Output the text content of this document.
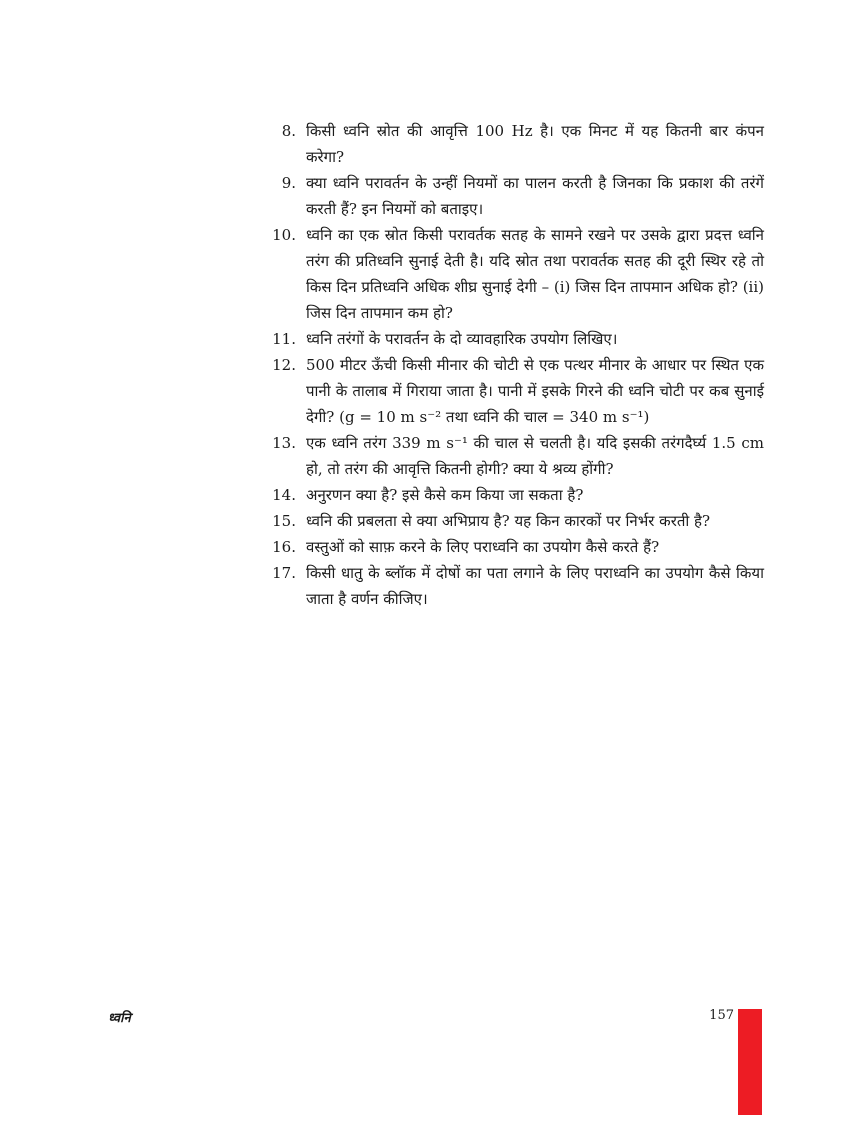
8. किसी ध्वनि स्रोत की आवृत्ति 100 Hz है। एक मिनट में यह कितनी बार कंपन करेगा?
9. क्या ध्वनि परावर्तन के उन्हीं नियमों का पालन करती है जिनका कि प्रकाश की तरंगें करती हैं? इन नियमों को बताइए।
10. ध्वनि का एक स्रोत किसी परावर्तक सतह के सामने रखने पर उसके द्वारा प्रदत्त ध्वनि तरंग की प्रतिध्वनि सुनाई देती है। यदि स्रोत तथा परावर्तक सतह की दूरी स्थिर रहे तो किस दिन प्रतिध्वनि अधिक शीघ्र सुनाई देगी – (i) जिस दिन तापमान अधिक हो? (ii) जिस दिन तापमान कम हो?
11. ध्वनि तरंगों के परावर्तन के दो व्यावहारिक उपयोग लिखिए।
12. 500 मीटर ऊँची किसी मीनार की चोटी से एक पत्थर मीनार के आधार पर स्थित एक पानी के तालाब में गिराया जाता है। पानी में इसके गिरने की ध्वनि चोटी पर कब सुनाई देगी? (g = 10 m s⁻² तथा ध्वनि की चाल = 340 m s⁻¹)
13. एक ध्वनि तरंग 339 m s⁻¹ की चाल से चलती है। यदि इसकी तरंगदैर्घ्य 1.5 cm हो, तो तरंग की आवृत्ति कितनी होगी? क्या ये श्रव्य होंगी?
14. अनुरणन क्या है? इसे कैसे कम किया जा सकता है?
15. ध्वनि की प्रबलता से क्या अभिप्राय है? यह किन कारकों पर निर्भर करती है?
16. वस्तुओं को साफ़ करने के लिए पराध्वनि का उपयोग कैसे करते हैं?
17. किसी धातु के ब्लॉक में दोषों का पता लगाने के लिए पराध्वनि का उपयोग कैसे किया जाता है वर्णन कीजिए।
ध्वनि	157
